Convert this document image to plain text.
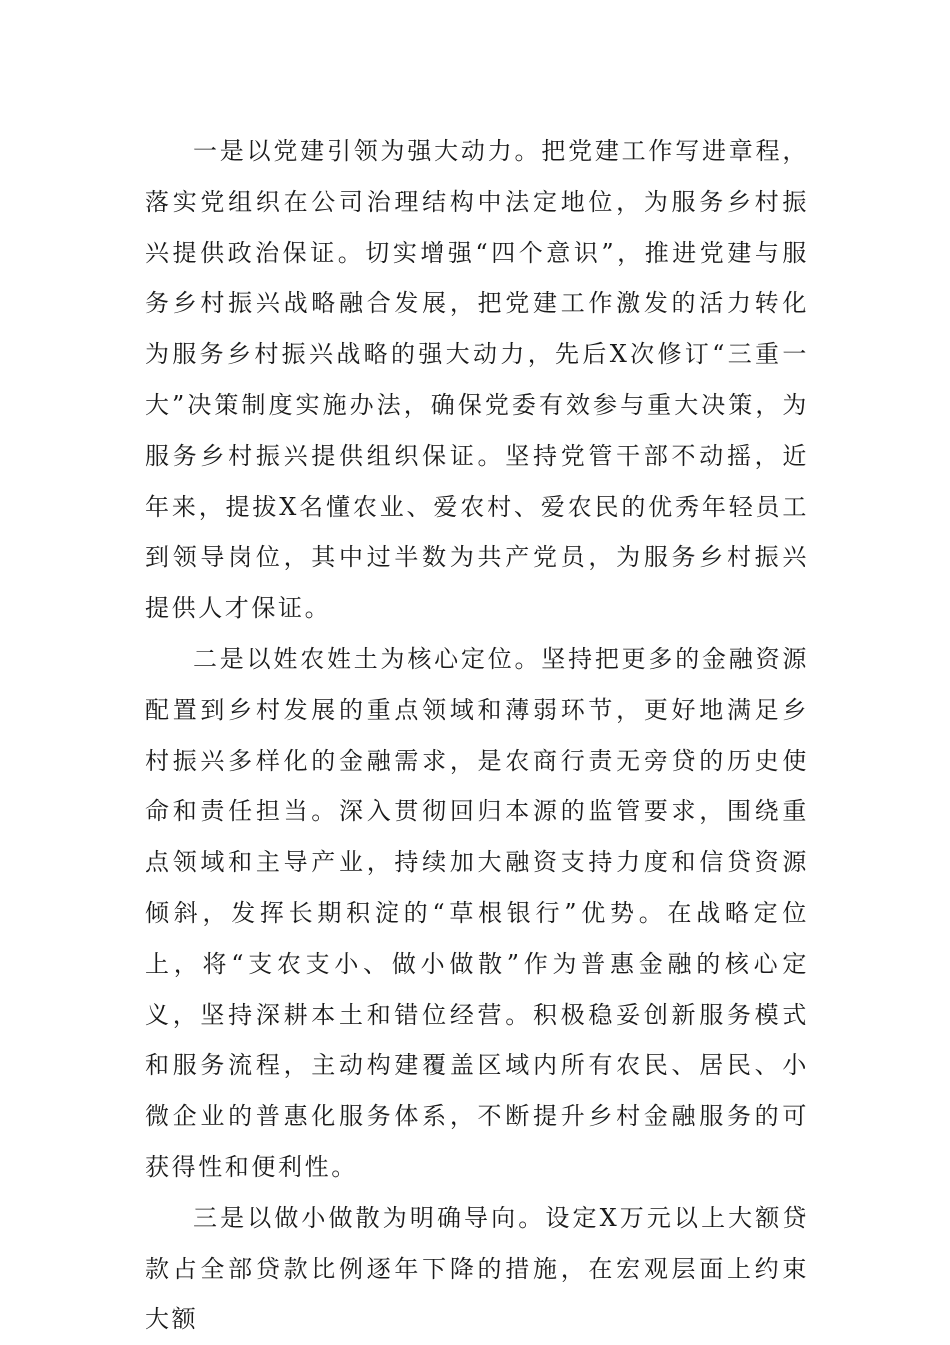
一是以党建引领为强大动力。把党建工作写进章程，落实党组织在公司治理结构中法定地位，为服务乡村振兴提供政治保证。切实增强“四个意识”，推进党建与服务乡村振兴战略融合发展，把党建工作激发的活力转化为服务乡村振兴战略的强大动力，先后X次修订“三重一大”决策制度实施办法，确保党委有效参与重大决策，为服务乡村振兴提供组织保证。坚持党管干部不动摇，近年来，提拔X名懂农业、爱农村、爱农民的优秀年轻员工到领导岗位，其中过半数为共产党员，为服务乡村振兴提供人才保证。

二是以姓农姓土为核心定位。坚持把更多的金融资源配置到乡村发展的重点领域和薄弱环节，更好地满足乡村振兴多样化的金融需求，是农商行责无旁贷的历史使命和责任担当。深入贯彻回归本源的监管要求，围绕重点领域和主导产业，持续加大融资支持力度和信贷资源倾斜，发挥长期积淀的“草根银行”优势。在战略定位上，将“支农支小、做小做散”作为普惠金融的核心定义，坚持深耕本土和错位经营。积极稳妥创新服务模式和服务流程，主动构建覆盖区域内所有农民、居民、小微企业的普惠化服务体系，不断提升乡村金融服务的可获得性和便利性。

三是以做小做散为明确导向。设定X万元以上大额贷款占全部贷款比例逐年下降的措施，在宏观层面上约束大额
